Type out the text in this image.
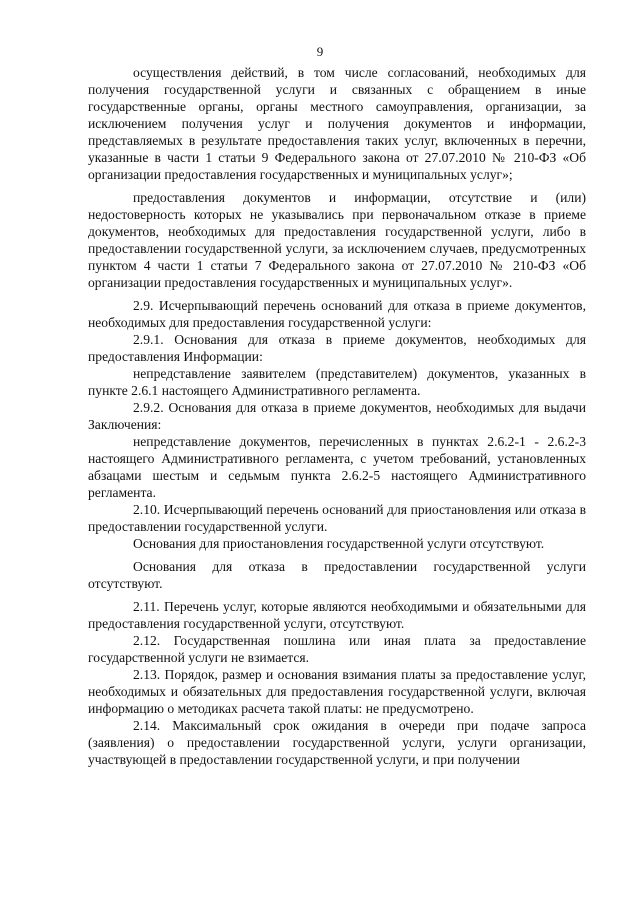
9

осуществления действий, в том числе согласований, необходимых для получения государственной услуги и связанных с обращением в иные государственные органы, органы местного самоуправления, организации, за исключением получения услуг и получения документов и информации, представляемых в результате предоставления таких услуг, включенных в перечни, указанные в части 1 статьи 9 Федерального закона от 27.07.2010 № 210-ФЗ «Об организации предоставления государственных и муниципальных услуг»;

предоставления документов и информации, отсутствие и (или) недостоверность которых не указывались при первоначальном отказе в приеме документов, необходимых для предоставления государственной услуги, либо в предоставлении государственной услуги, за исключением случаев, предусмотренных пунктом 4 части 1 статьи 7 Федерального закона от 27.07.2010 № 210-ФЗ «Об организации предоставления государственных и муниципальных услуг».

2.9. Исчерпывающий перечень оснований для отказа в приеме документов, необходимых для предоставления государственной услуги:

2.9.1. Основания для отказа в приеме документов, необходимых для предоставления Информации:

непредставление заявителем (представителем) документов, указанных в пункте 2.6.1 настоящего Административного регламента.

2.9.2. Основания для отказа в приеме документов, необходимых для выдачи Заключения:

непредставление документов, перечисленных в пунктах 2.6.2-1 - 2.6.2-3 настоящего Административного регламента, с учетом требований, установленных абзацами шестым и седьмым пункта 2.6.2-5 настоящего Административного регламента.

2.10. Исчерпывающий перечень оснований для приостановления или отказа в предоставлении государственной услуги.

Основания для приостановления государственной услуги отсутствуют.

Основания для отказа в предоставлении государственной услуги отсутствуют.

2.11. Перечень услуг, которые являются необходимыми и обязательными для предоставления государственной услуги, отсутствуют.

2.12. Государственная пошлина или иная плата за предоставление государственной услуги не взимается.

2.13. Порядок, размер и основания взимания платы за предоставление услуг, необходимых и обязательных для предоставления государственной услуги, включая информацию о методиках расчета такой платы: не предусмотрено.

2.14. Максимальный срок ожидания в очереди при подаче запроса (заявления) о предоставлении государственной услуги, услуги организации, участвующей в предоставлении государственной услуги, и при получении
